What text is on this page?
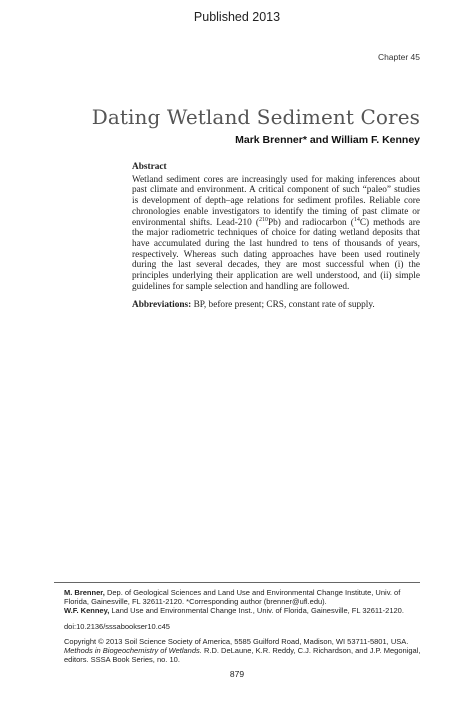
Published 2013
Chapter 45
Dating Wetland Sediment Cores
Mark Brenner* and William F. Kenney

Abstract

Wetland sediment cores are increasingly used for making inferences about past climate and environment. A critical component of such “paleo” studies is development of depth–age relations for sediment profiles. Reliable core chronologies enable investigators to identify the timing of past climate or environmental shifts. Lead-210 ($^{210}$Pb) and radiocarbon ($^{14}$C) methods are the major radiometric techniques of choice for dating wetland deposits that have accumulated during the last hundred to tens of thousands of years, respectively. Whereas such dating approaches have been used routinely during the last several decades, they are most successful when (i) the principles underlying their application are well understood, and (ii) simple guidelines for sample selection and handling are followed.

Abbreviations: BP, before present; CRS, constant rate of supply.

M. Brenner, Dep. of Geological Sciences and Land Use and Environmental Change Institute, Univ. of Florida, Gainesville, FL 32611-2120. *Corresponding author (brenner@ufl.edu).

W.F. Kenney, Land Use and Environmental Change Inst., Univ. of Florida, Gainesville, FL 32611-2120.

doi:10.2136/sssabookser10.c45

Copyright © 2013 Soil Science Society of America, 5585 Guilford Road, Madison, WI 53711-5801, USA. Methods in Biogeochemistry of Wetlands. R.D. DeLaune, K.R. Reddy, C.J. Richardson, and J.P. Megonigal, editors. SSSA Book Series, no. 10.

879
